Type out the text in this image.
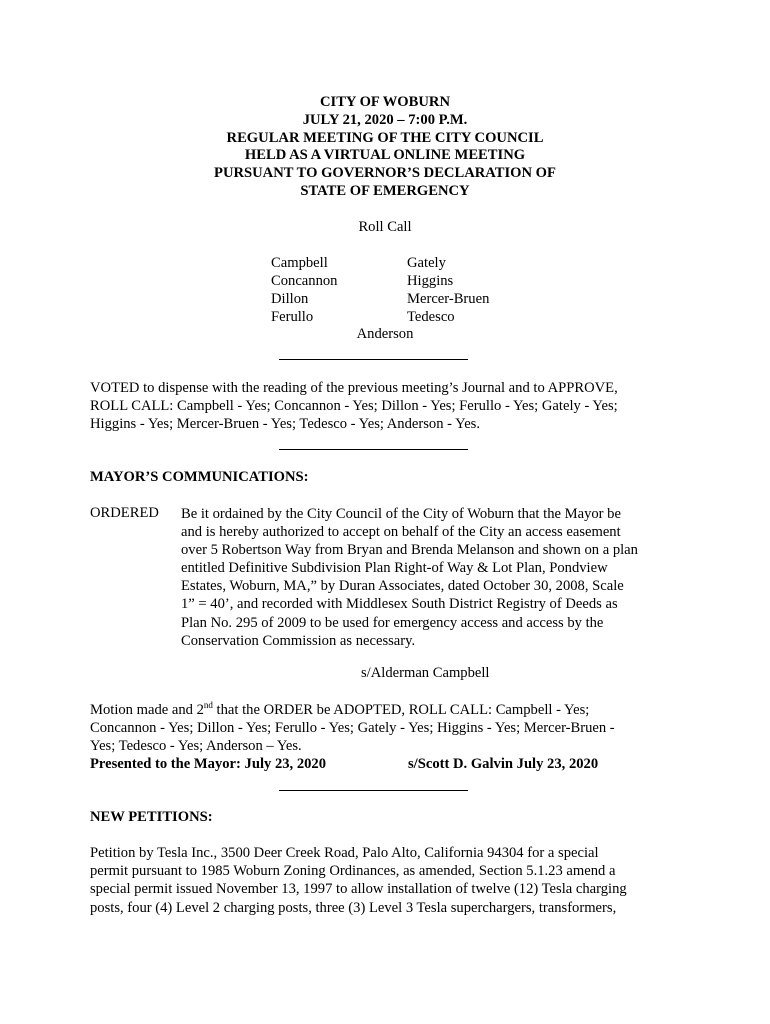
CITY OF WOBURN
JULY 21, 2020 – 7:00 P.M.
REGULAR MEETING OF THE CITY COUNCIL
HELD AS A VIRTUAL ONLINE MEETING
PURSUANT TO GOVERNOR’S DECLARATION OF
STATE OF EMERGENCY
Roll Call
Campbell	Gately
Concannon	Higgins
Dillon	Mercer-Bruen
Ferullo	Tedesco
Anderson
VOTED to dispense with the reading of the previous meeting’s Journal and to APPROVE,
ROLL CALL: Campbell - Yes; Concannon - Yes; Dillon - Yes; Ferullo - Yes; Gately - Yes;
Higgins - Yes; Mercer-Bruen - Yes; Tedesco - Yes; Anderson - Yes.
MAYOR’S COMMUNICATIONS:
ORDERED Be it ordained by the City Council of the City of Woburn that the Mayor be
and is hereby authorized to accept on behalf of the City an access easement
over 5 Robertson Way from Bryan and Brenda Melanson and shown on a plan
entitled Definitive Subdivision Plan Right-of Way & Lot Plan, Pondview
Estates, Woburn, MA,” by Duran Associates, dated October 30, 2008, Scale
1” = 40’, and recorded with Middlesex South District Registry of Deeds as
Plan No. 295 of 2009 to be used for emergency access and access by the
Conservation Commission as necessary.
s/Alderman Campbell
Motion made and 2nd that the ORDER be ADOPTED, ROLL CALL: Campbell - Yes;
Concannon - Yes; Dillon - Yes; Ferullo - Yes; Gately - Yes; Higgins - Yes; Mercer-Bruen -
Yes; Tedesco - Yes; Anderson – Yes.
Presented to the Mayor: July 23, 2020	s/Scott D. Galvin July 23, 2020
NEW PETITIONS:
Petition by Tesla Inc., 3500 Deer Creek Road, Palo Alto, California 94304 for a special
permit pursuant to 1985 Woburn Zoning Ordinances, as amended, Section 5.1.23 amend a
special permit issued November 13, 1997 to allow installation of twelve (12) Tesla charging
posts, four (4) Level 2 charging posts, three (3) Level 3 Tesla superchargers, transformers,
